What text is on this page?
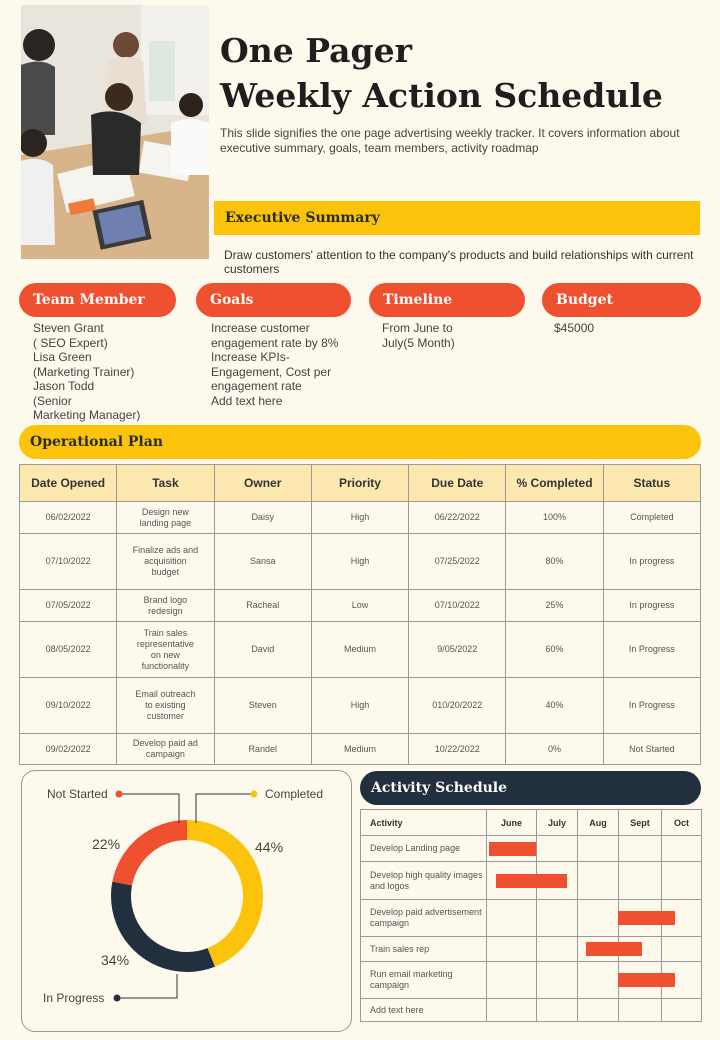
One Pager
Weekly Action Schedule
This slide signifies the one page advertising weekly tracker. It covers information about executive summary, goals, team members, activity roadmap
Executive Summary
Draw customers' attention to the company's products and build relationships with current customers
Team Member	Goals	Timeline	Budget
Steven Grant
( SEO Expert)
Lisa Green
(Marketing Trainer)
Jason Todd
(Senior
Marketing Manager)
Increase customer
engagement rate by 8%
Increase KPIs-
Engagement, Cost per
engagement rate
Add text here
From June to
July(5 Month)
$45000
Operational Plan
Date Opened	Task	Owner	Priority	Due Date	% Completed	Status
06/02/2022	Design new landing page	Daisy	High	06/22/2022	100%	Completed
07/10/2022	Finalize ads and acquisition budget	Sansa	High	07/25/2022	80%	In progress
07/05/2022	Brand logo redesign	Racheal	Low	07/10/2022	25%	In progress
08/05/2022	Train sales representative on new functionality	David	Medium	9/05/2022	60%	In Progress
09/10/2022	Email outreach to existing customer	Steven	High	010/20/2022	40%	In Progress
09/02/2022	Develop paid ad campaign	Randel	Medium	10/22/2022	0%	Not Started
Not Started	Completed
In Progress
22%	44%
34%
Activity Schedule
Activity	June	July	Aug	Sept	Oct
Develop Landing page					
Develop high quality images and logos					
Develop paid advertisement campaign					
Train sales rep					
Run email marketing campaign					
Add text here					
